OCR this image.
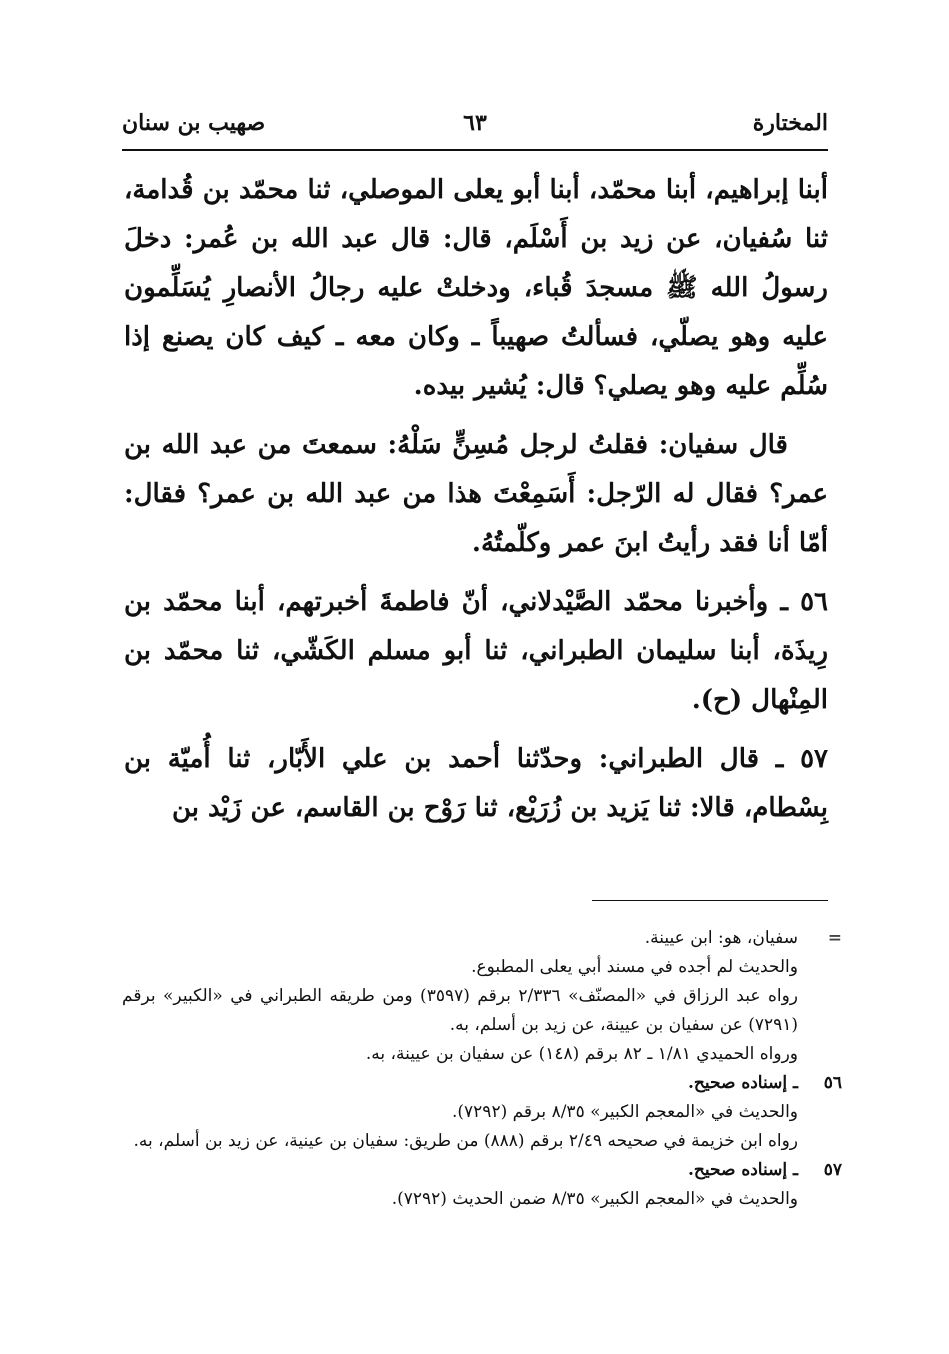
المختارة
٦٣
صهيب بن سنان

أبنا إبراهيم، أبنا محمّد، أبنا أبو يعلى الموصلي، ثنا محمّد بن قُدامة، ثنا سُفيان، عن زيد بن أَسْلَم، قال: قال عبد الله بن عُمر: دخلَ رسولُ الله ﷺ مسجدَ قُباء، ودخلتْ عليه رجالُ الأنصارِ يُسَلِّمون عليه وهو يصلّي، فسألتُ صهيباً ـ وكان معه ـ كيف كان يصنع إذا سُلِّم عليه وهو يصلي؟ قال: يُشير بيده.

قال سفيان: فقلتُ لرجل مُسِنٍّ سَلْهُ: سمعتَ من عبد الله بن عمر؟ فقال له الرّجل: أَسَمِعْتَ هذا من عبد الله بن عمر؟ فقال: أمّا أنا فقد رأيتُ ابنَ عمر وكلّمتُهُ.

٥٦ ـ وأخبرنا محمّد الصَّيْدلاني، أنّ فاطمةَ أخبرتهم، أبنا محمّد بن رِيذَة، أبنا سليمان الطبراني، ثنا أبو مسلم الكَشّي، ثنا محمّد بن المِنْهال (ح).

٥٧ ـ قال الطبراني: وحدّثنا أحمد بن علي الأَبّار، ثنا أُميّة بن بِسْطام، قالا: ثنا يَزيد بن زُرَيْع، ثنا رَوْح بن القاسم، عن زَيْد بن

=
سفيان، هو: ابن عيينة.
والحديث لم أجده في مسند أبي يعلى المطبوع.
رواه عبد الرزاق في «المصنّف» ٢/٣٣٦ برقم (٣٥٩٧) ومن طريقه الطبراني في «الكبير» برقم (٧٢٩١) عن سفيان بن عيينة، عن زيد بن أسلم، به.
ورواه الحميدي ١/٨١ ـ ٨٢ برقم (١٤٨) عن سفيان بن عيينة، به.
٥٦
ـ إسناده صحيح.
والحديث في «المعجم الكبير» ٨/٣٥ برقم (٧٢٩٢).
رواه ابن خزيمة في صحيحه ٢/٤٩ برقم (٨٨٨) من طريق: سفيان بن عينية، عن زيد بن أسلم، به.
٥٧
ـ إسناده صحيح.
والحديث في «المعجم الكبير» ٨/٣٥ ضمن الحديث (٧٢٩٢).
